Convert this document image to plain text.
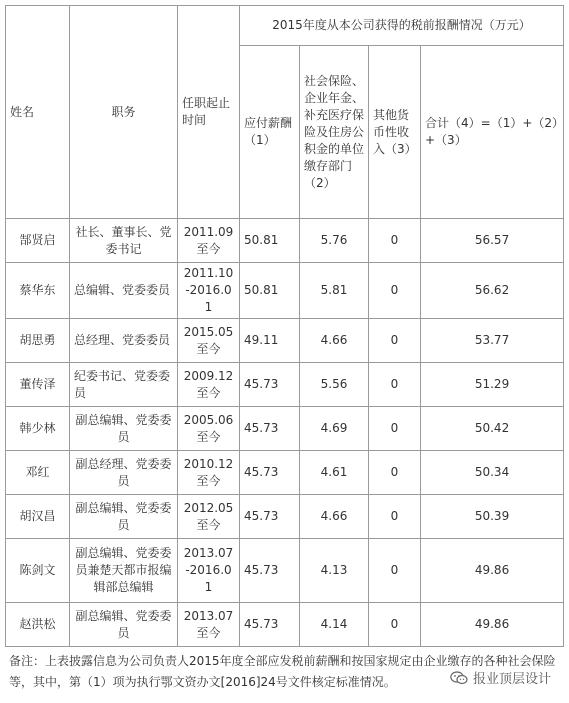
姓名	职务	任职起止时间	2015年度从本公司获得的税前报酬情况（万元）			
			应付薪酬（1）	社会保险、企业年金、补充医疗保险及住房公积金的单位缴存部门（2）	其他货币性收入（3）	合计（4）=（1）+（2）+（3）
郜贤启	社长、董事长、党委书记	2011.09至今	50.81	5.76	0	56.57
蔡华东	总编辑、党委委员	2011.10-2016.01	50.81	5.81	0	56.62
胡思勇	总经理、党委委员	2015.05至今	49.11	4.66	0	53.77
董传泽	纪委书记、党委委员	2009.12至今	45.73	5.56	0	51.29
韩少林	副总编辑、党委委员	2005.06至今	45.73	4.69	0	50.42
邓红	副总经理、党委委员	2010.12至今	45.73	4.61	0	50.34
胡汉昌	副总编辑、党委委员	2012.05至今	45.73	4.66	0	50.39
陈剑文	副总编辑、党委委员兼楚天都市报编辑部总编辑	2013.07-2016.01	45.73	4.13	0	49.86
赵洪松	副总编辑、党委委员	2013.07至今	45.73	4.14	0	49.86
备注：上表披露信息为公司负责人2015年度全部应发税前薪酬和按国家规定由企业缴存的各种社会保险等，其中，第（1）项为执行鄂文资办文[2016]24号文件核定标准情况。	报业顶层设计
